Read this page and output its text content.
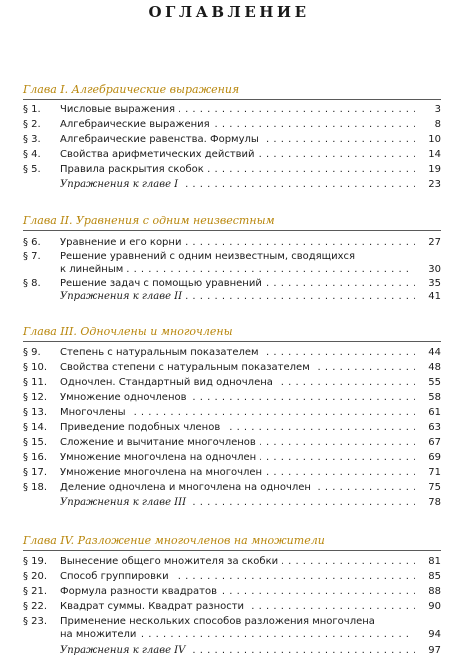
ОГЛАВЛЕНИЕ
Глава I. Алгебраические выражения
§ 1. Числовые выражения . . .	3
§ 2. Алгебраические выражения . . .	8
§ 3. Алгебраические равенства. Формулы . . .	10
§ 4. Свойства арифметических действий . . .	14
§ 5. Правила раскрытия скобок . . .	19
Упражнения к главе I . . .	23
Глава II. Уравнения с одним неизвестным
§ 6. Уравнение и его корни . . .	27
§ 7. Решение уравнений с одним неизвестным, сводящихся
к линейным . . .	30
§ 8. Решение задач с помощью уравнений . . .	35
Упражнения к главе II . . .	41
Глава III. Одночлены и многочлены
§ 9. Степень с натуральным показателем . . .	44
§ 10. Свойства степени с натуральным показателем . . .	48
§ 11. Одночлен. Стандартный вид одночлена . . .	55
§ 12. Умножение одночленов . . .	58
§ 13. Многочлены . . .	61
§ 14. Приведение подобных членов . . .	63
§ 15. Сложение и вычитание многочленов . . .	67
§ 16. Умножение многочлена на одночлен . . .	69
§ 17. Умножение многочлена на многочлен . . .	71
§ 18. Деление одночлена и многочлена на одночлен . . .	75
Упражнения к главе III . . .	78
Глава IV. Разложение многочленов на множители
§ 19. Вынесение общего множителя за скобки . . .	81
§ 20. Способ группировки . . .	85
§ 21. Формула разности квадратов . . .	88
§ 22. Квадрат суммы. Квадрат разности . . .	90
§ 23. Применение нескольких способов разложения многочлена
на множители . . .	94
Упражнения к главе IV . . .	97
